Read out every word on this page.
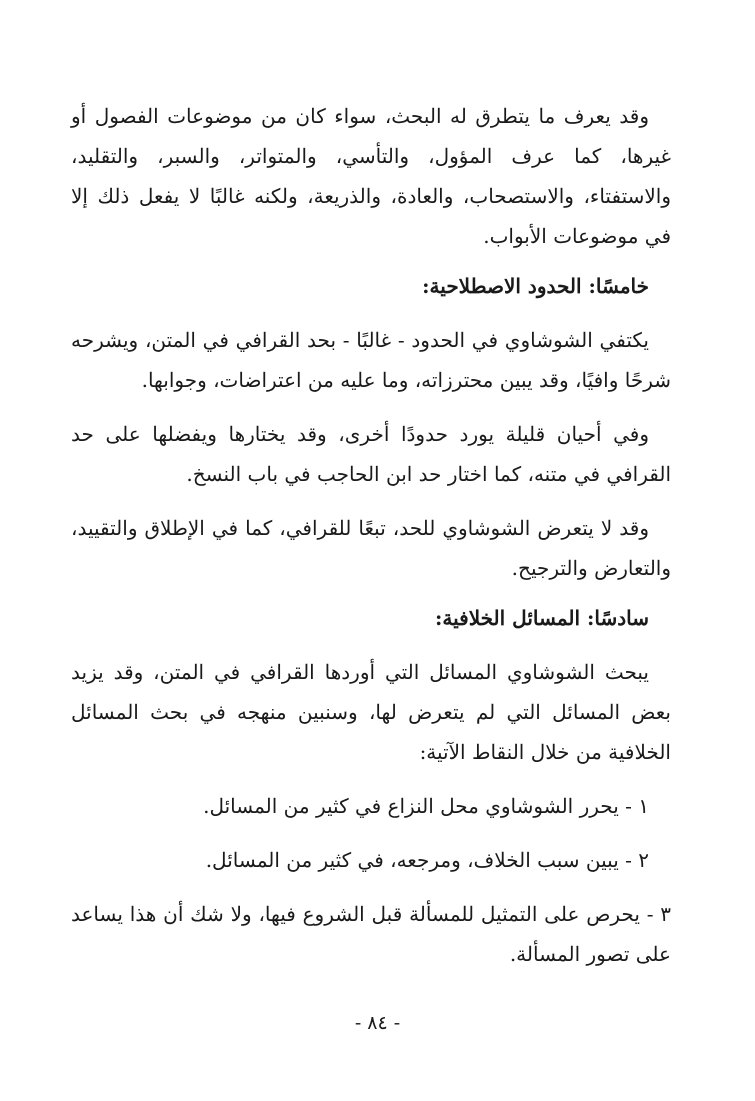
وقد يعرف ما يتطرق له البحث، سواء كان من موضوعات الفصول أو غيرها، كما عرف المؤول، والتأسي، والمتواتر، والسبر، والتقليد، والاستفتاء، والاستصحاب، والعادة، والذريعة، ولكنه غالبًا لا يفعل ذلك إلا في موضوعات الأبواب.

خامسًا: الحدود الاصطلاحية:

يكتفي الشوشاوي في الحدود - غالبًا - بحد القرافي في المتن، ويشرحه شرحًا وافيًا، وقد يبين محترزاته، وما عليه من اعتراضات، وجوابها.

وفي أحيان قليلة يورد حدودًا أخرى، وقد يختارها ويفضلها على حد القرافي في متنه، كما اختار حد ابن الحاجب في باب النسخ.

وقد لا يتعرض الشوشاوي للحد، تبعًا للقرافي، كما في الإطلاق والتقييد، والتعارض والترجيح.

سادسًا: المسائل الخلافية:

يبحث الشوشاوي المسائل التي أوردها القرافي في المتن، وقد يزيد بعض المسائل التي لم يتعرض لها، وسنبين منهجه في بحث المسائل الخلافية من خلال النقاط الآتية:

١ - يحرر الشوشاوي محل النزاع في كثير من المسائل.

٢ - يبين سبب الخلاف، ومرجعه، في كثير من المسائل.

٣ - يحرص على التمثيل للمسألة قبل الشروع فيها، ولا شك أن هذا يساعد على تصور المسألة.

- ٨٤ -
